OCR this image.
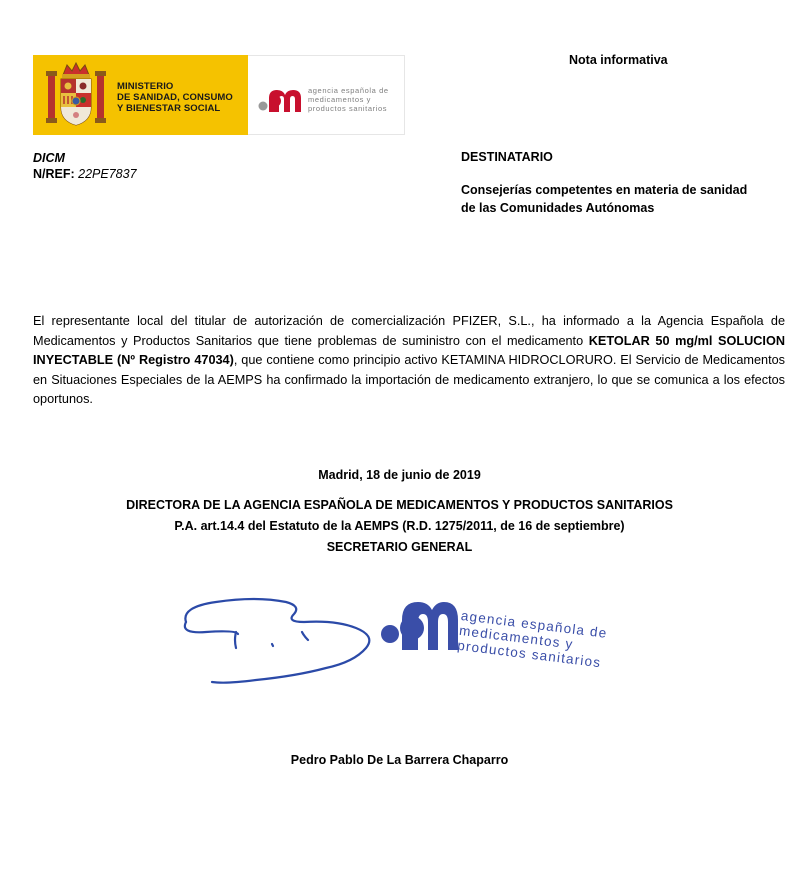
MINISTERIO
DE SANIDAD, CONSUMO
Y BIENESTAR SOCIAL
agencia española de
medicamentos y
productos sanitarios
Nota informativa
DICM
N/REF: 22PE7837
DESTINATARIO
Consejerías competentes en materia de sanidad
de las Comunidades Autónomas
El representante local del titular de autorización de comercialización PFIZER, S.L., ha informado a la Agencia Española de Medicamentos y Productos Sanitarios que tiene problemas de suministro con el medicamento KETOLAR 50 mg/ml SOLUCION INYECTABLE (Nº Registro 47034), que contiene como principio activo KETAMINA HIDROCLORURO. El Servicio de Medicamentos en Situaciones Especiales de la AEMPS ha confirmado la importación de medicamento extranjero, lo que se comunica a los efectos oportunos.
Madrid, 18 de junio de 2019
DIRECTORA DE LA AGENCIA ESPAÑOLA DE MEDICAMENTOS Y PRODUCTOS SANITARIOS
P.A. art.14.4 del Estatuto de la AEMPS (R.D. 1275/2011, de 16 de septiembre)
SECRETARIO GENERAL
agencia española de
medicamentos y
productos sanitarios
Pedro Pablo De La Barrera Chaparro
